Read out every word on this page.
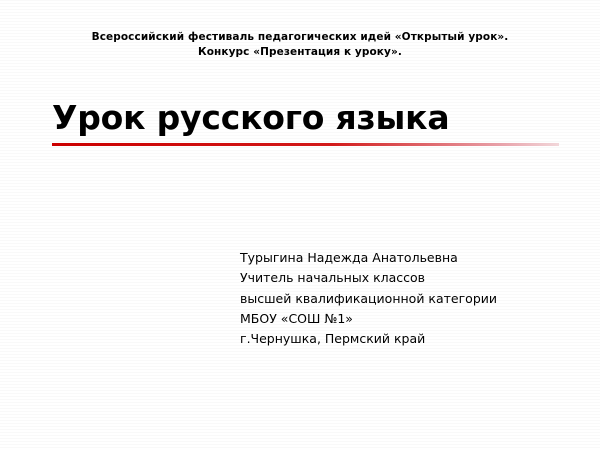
Всероссийский фестиваль педагогических идей «Открытый урок».
Конкурс «Презентация к уроку».
Урок русского языка
Турыгина Надежда Анатольевна
Учитель начальных классов
высшей квалификационной категории
МБОУ «СОШ №1»
г.Чернушка, Пермский край
